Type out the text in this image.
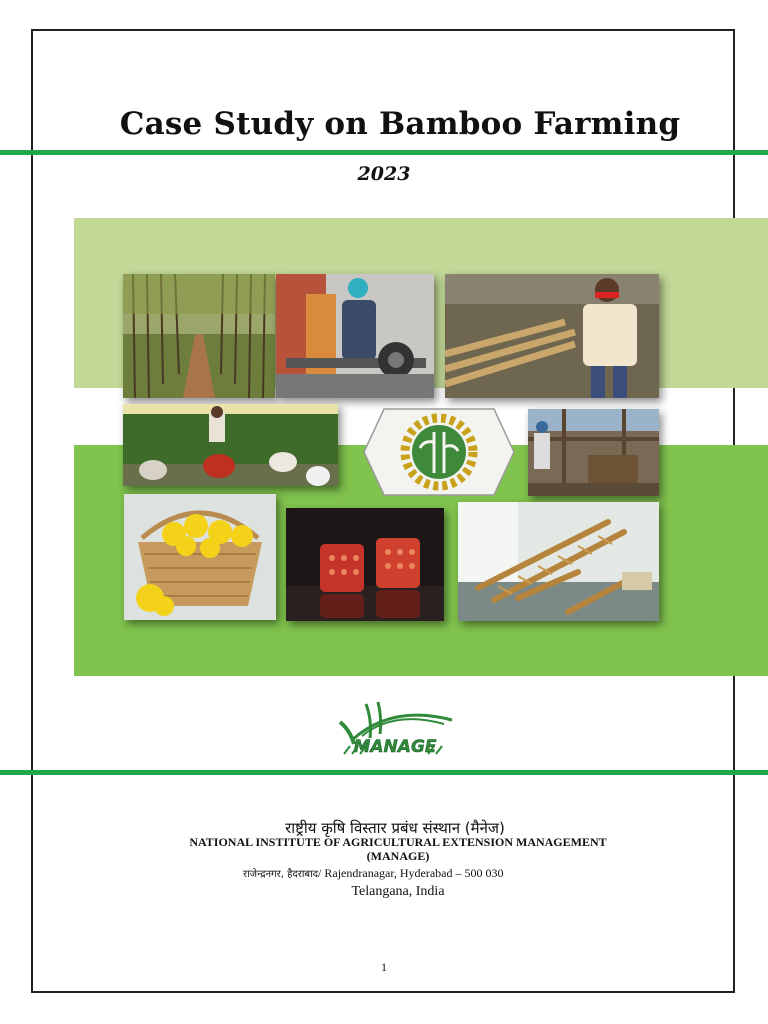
Case Study on Bamboo Farming
2023
MANAGE
राष्ट्रीय कृषि विस्तार प्रबंध संस्थान (मैनेज)
NATIONAL INSTITUTE OF AGRICULTURAL EXTENSION MANAGEMENT
(MANAGE)
राजेन्द्रनगर, हैदराबाद/ Rajendranagar, Hyderabad – 500 030
Telangana, India
1
